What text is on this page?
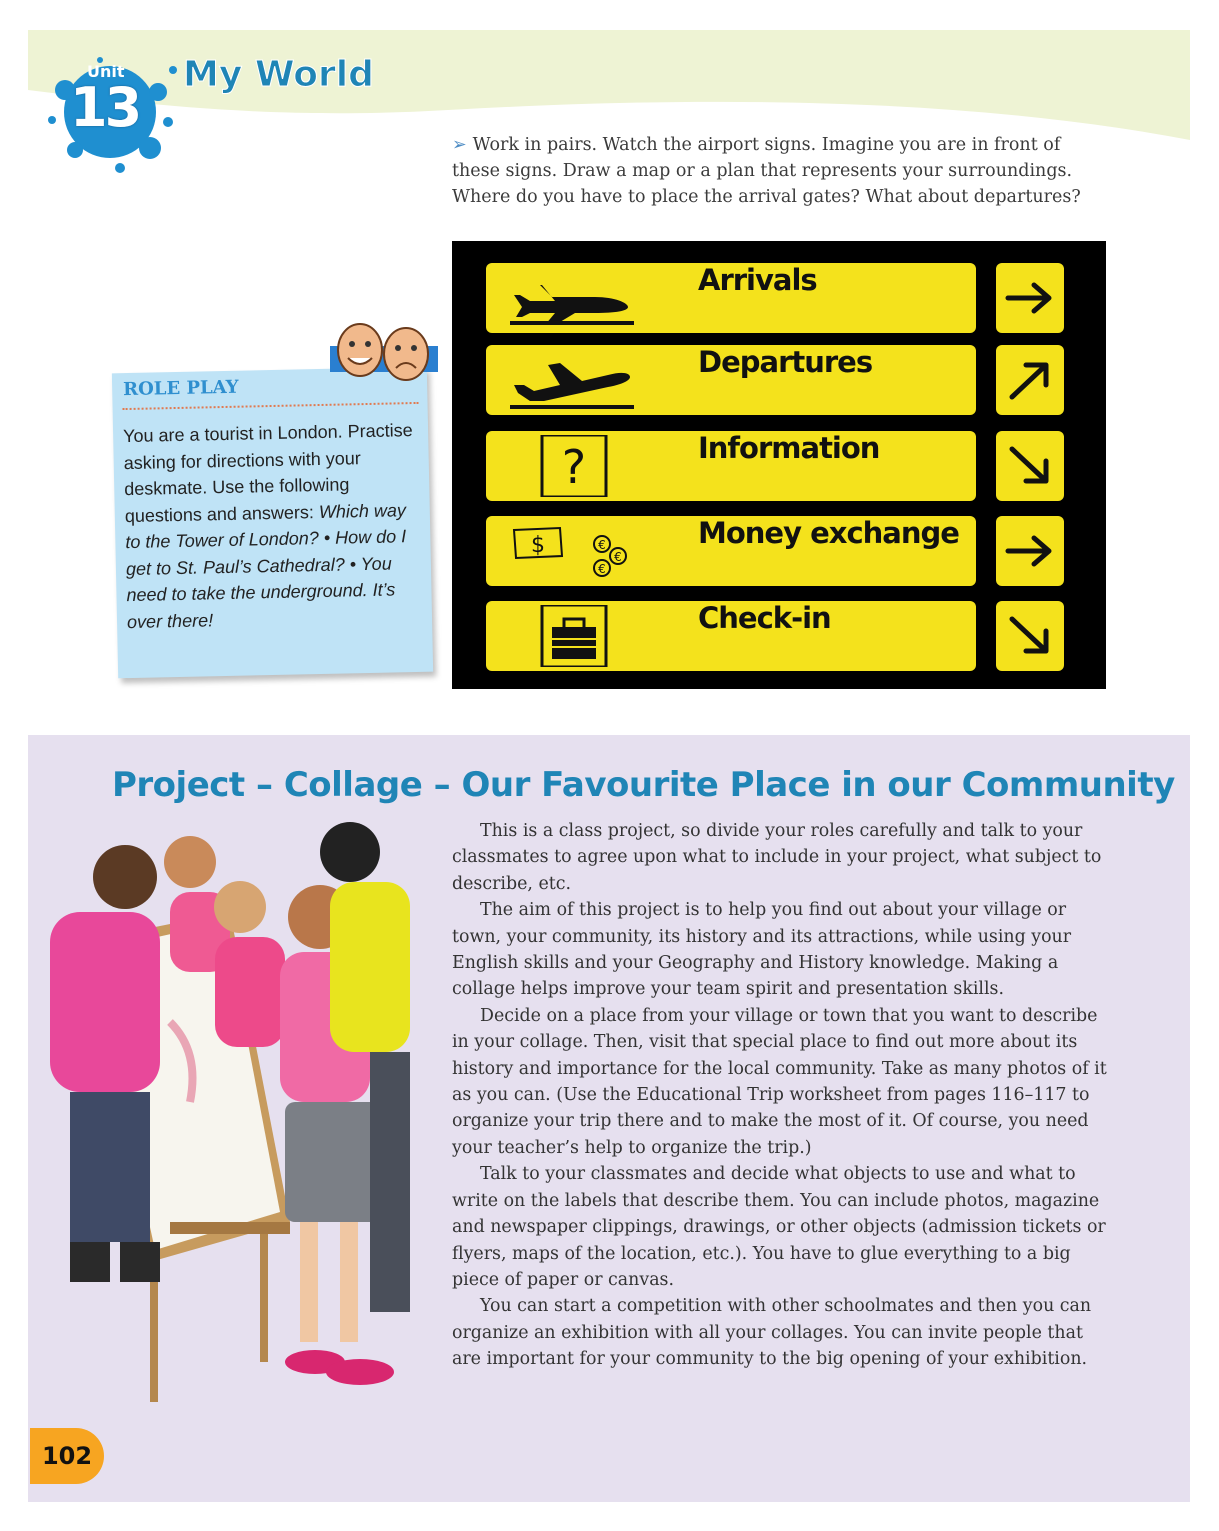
Unit
13
My World
➢ Work in pairs. Watch the airport signs. Imagine you are in front of these signs. Draw a map or a plan that represents your surroundings. Where do you have to place the arrival gates? What about departures?
Arrivals
Departures
?	Information
$	€
€
€
Money exchange
Check-in
ROLE PLAY
You are a tourist in London. Practise asking for directions with your deskmate. Use the following questions and answers: Which way to the Tower of London? • How do I get to St. Paul’s Cathedral? • You need to take the underground. It’s over there!
Project – Collage – Our Favourite Place in our Community

This is a class project, so divide your roles carefully and talk to your classmates to agree upon what to include in your project, what subject to describe, etc.

The aim of this project is to help you find out about your village or town, your community, its history and its attractions, while using your English skills and your Geography and History knowledge. Making a collage helps improve your team spirit and presentation skills.

Decide on a place from your village or town that you want to describe in your collage. Then, visit that special place to find out more about its history and importance for the local community. Take as many photos of it as you can. (Use the Educational Trip worksheet from pages 116–117 to organize your trip there and to make the most of it. Of course, you need your teacher’s help to organize the trip.)

Talk to your classmates and decide what objects to use and what to write on the labels that describe them. You can include photos, magazine and newspaper clippings, drawings, or other objects (admission tickets or flyers, maps of the location, etc.). You have to glue everything to a big piece of paper or canvas.

You can start a competition with other schoolmates and then you can organize an exhibition with all your collages. You can invite people that are important for your community to the big opening of your exhibition.

102
